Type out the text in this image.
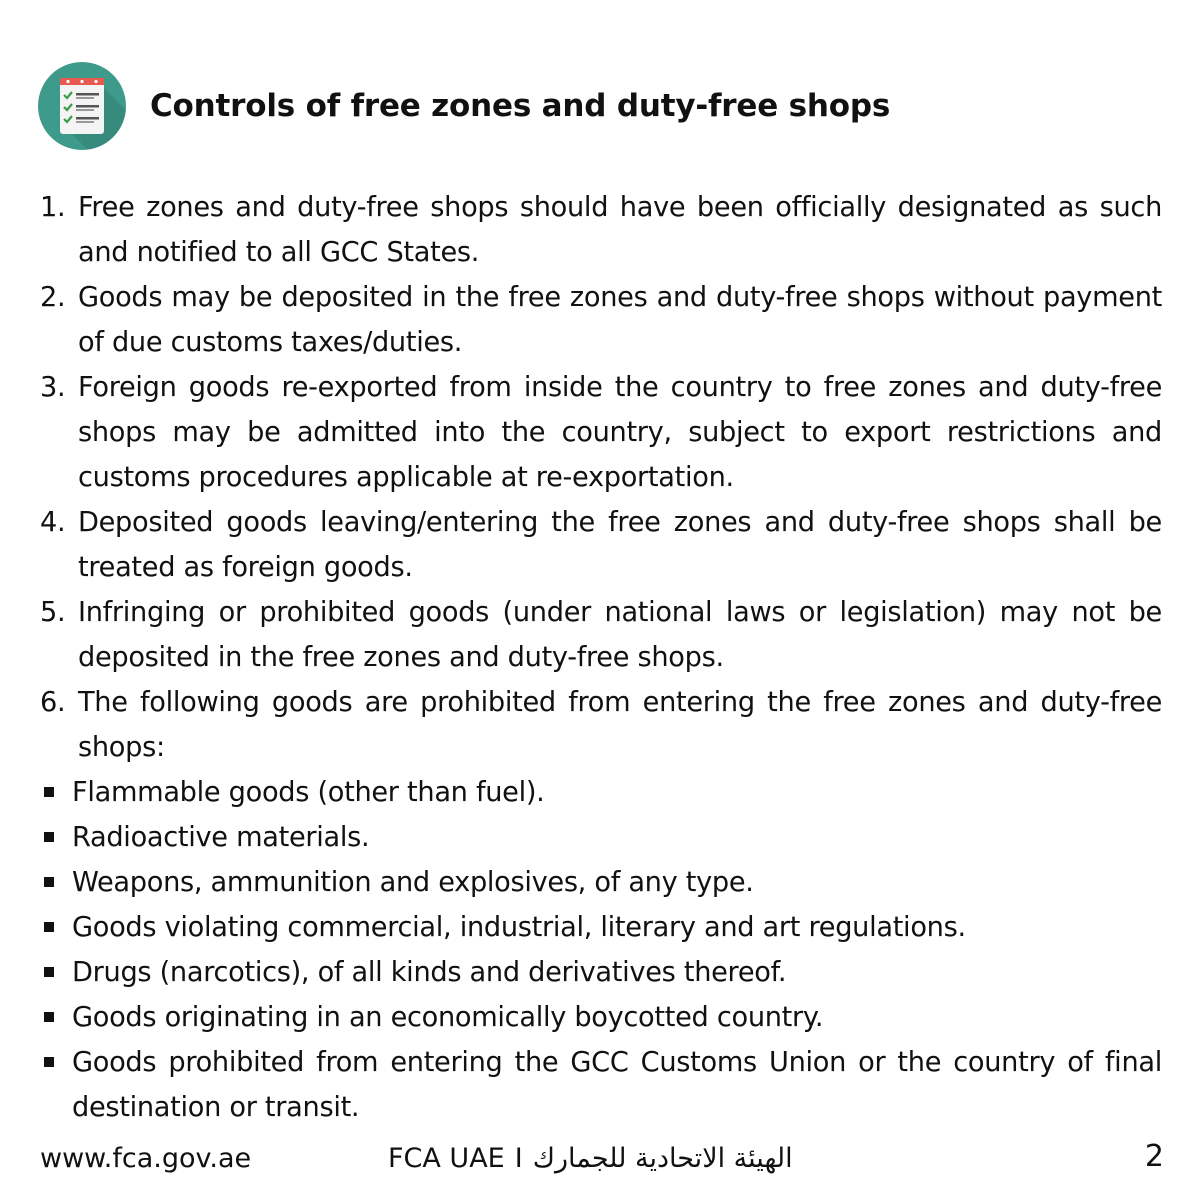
Controls of free zones and duty-free shops
1. Free zones and duty-free shops should have been officially designated as such and notified to all GCC States.
2. Goods may be deposited in the free zones and duty-free shops without payment of due customs taxes/duties.
3. Foreign goods re-exported from inside the country to free zones and duty-free shops may be admitted into the country, subject to export restrictions and customs procedures applicable at re-exportation.
4. Deposited goods leaving/entering the free zones and duty-free shops shall be treated as foreign goods.
5. Infringing or prohibited goods (under national laws or legislation) may not be deposited in the free zones and duty-free shops.
6. The following goods are prohibited from entering the free zones and duty-free shops:
Flammable goods (other than fuel).
Radioactive materials.
Weapons, ammunition and explosives, of any type.
Goods violating commercial, industrial, literary and art regulations.
Drugs (narcotics), of all kinds and derivatives thereof.
Goods originating in an economically boycotted country.
Goods prohibited from entering the GCC Customs Union or the country of final destination or transit.
www.fca.gov.ae	FCA UAE I الهيئة الاتحادية للجمارك	2
